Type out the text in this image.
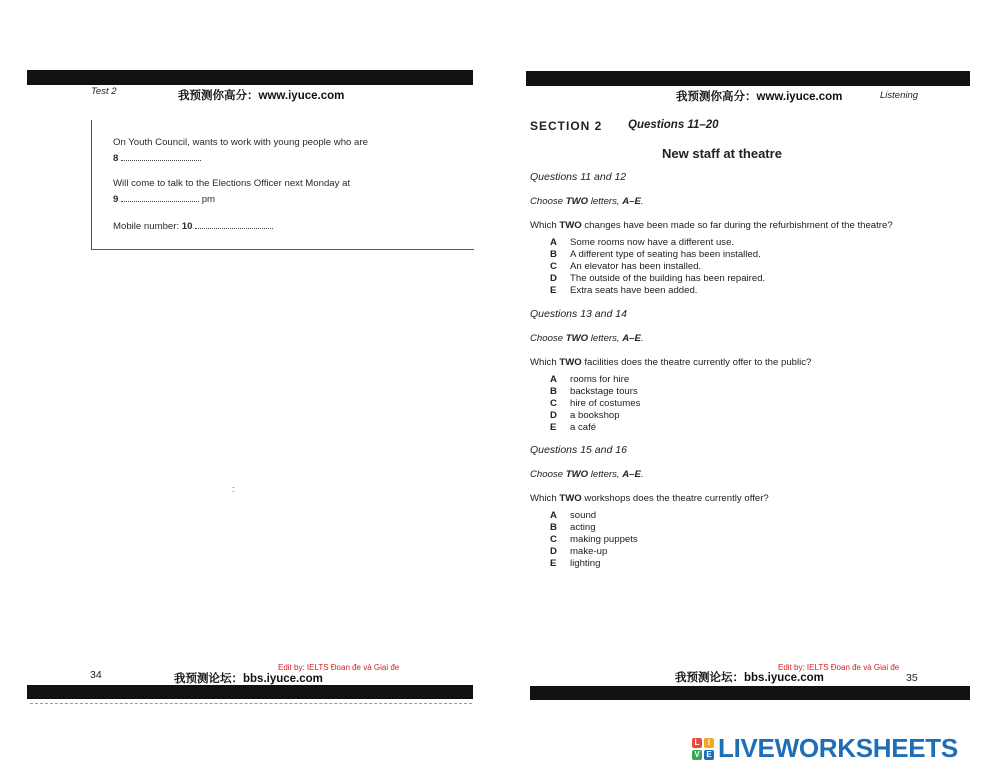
Test 2	我预测你高分：www.iyuce.com
On Youth Council, wants to work with young people who are
8
Will come to talk to the Elections Officer next Monday at
9	pm
Mobile number: 10
:
Edit by: IELTS Đoan đe và Giai đe
34	我预测论坛：bbs.iyuce.com
我预测你高分：www.iyuce.com	Listening
SECTION 2 Questions 11–20
New staff at theatre
Questions 11 and 12
Choose TWO letters, A–E.
Which TWO changes have been made so far during the refurbishment of the theatre?
A Some rooms now have a different use.
B A different type of seating has been installed.
C An elevator has been installed.
D The outside of the building has been repaired.
E Extra seats have been added.
Questions 13 and 14
Choose TWO letters, A–E.
Which TWO facilities does the theatre currently offer to the public?
A rooms for hire
B backstage tours
C hire of costumes
D a bookshop
E a café
Questions 15 and 16
Choose TWO letters, A–E.
Which TWO workshops does the theatre currently offer?
A sound
B acting
C making puppets
D make-up
E lighting
Edit by: IELTS Đoan đe và Giai đe
我预测论坛：bbs.iyuce.com	35
L	I
V E LIVEWORKSHEETS
